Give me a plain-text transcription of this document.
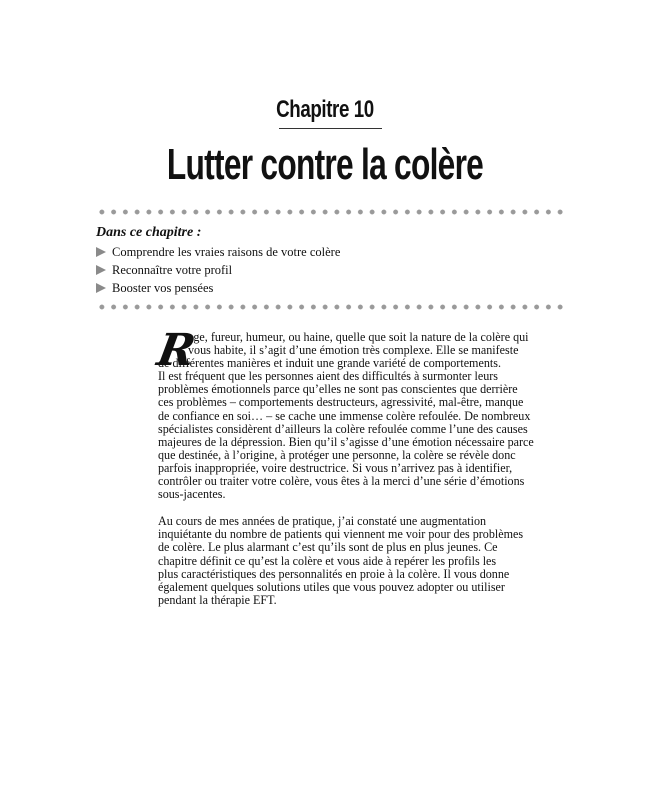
Chapitre 10
Lutter contre la colère
Dans ce chapitre :
Comprendre les vraies raisons de votre colère
Reconnaître votre profil
Booster vos pensées
R

age, fureur, humeur, ou haine, quelle que soit la nature de la colère qui
vous habite, il s’agit d’une émotion très complexe. Elle se manifeste
de différentes manières et induit une grande variété de comportements.
Il est fréquent que les personnes aient des difficultés à surmonter leurs
problèmes émotionnels parce qu’elles ne sont pas conscientes que derrière
ces problèmes – comportements destructeurs, agressivité, mal-être, manque
de confiance en soi… – se cache une immense colère refoulée. De nombreux
spécialistes considèrent d’ailleurs la colère refoulée comme l’une des causes
majeures de la dépression. Bien qu’il s’agisse d’une émotion nécessaire parce
que destinée, à l’origine, à protéger une personne, la colère se révèle donc
parfois inappropriée, voire destructrice. Si vous n’arrivez pas à identifier,
contrôler ou traiter votre colère, vous êtes à la merci d’une série d’émotions
sous-jacentes.

Au cours de mes années de pratique, j’ai constaté une augmentation
inquiétante du nombre de patients qui viennent me voir pour des problèmes
de colère. Le plus alarmant c’est qu’ils sont de plus en plus jeunes. Ce
chapitre définit ce qu’est la colère et vous aide à repérer les profils les
plus caractéristiques des personnalités en proie à la colère. Il vous donne
également quelques solutions utiles que vous pouvez adopter ou utiliser
pendant la thérapie EFT.
